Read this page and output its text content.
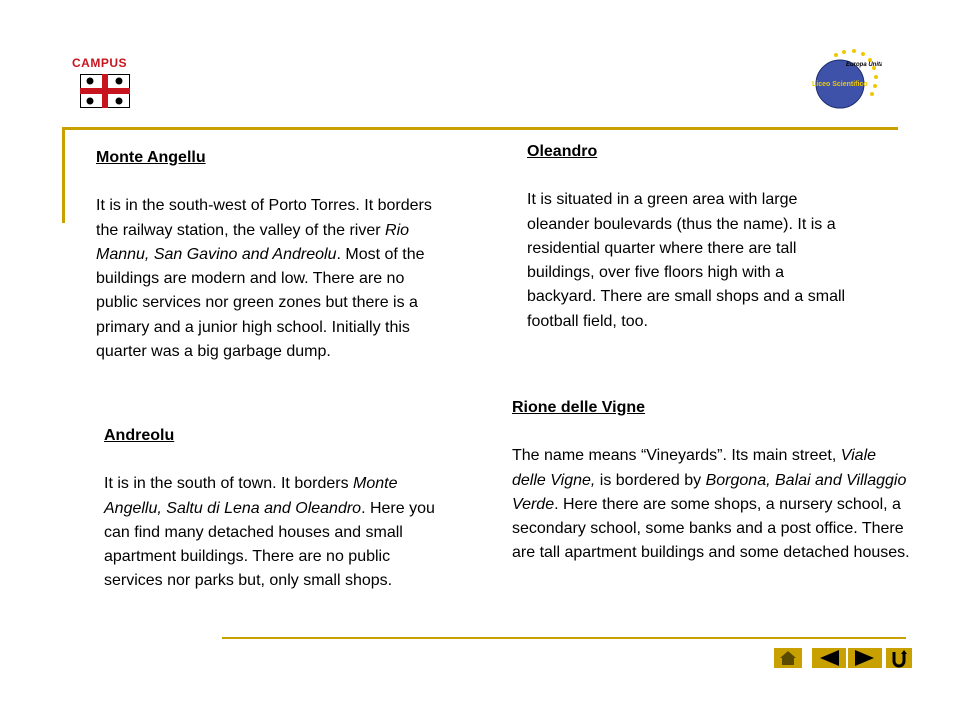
CAMPUS	Europa Unita
Liceo Scientifico
Monte Angellu
It is in the south-west of Porto Torres. It borders the railway station, the valley of the river Rio Mannu, San Gavino and Andreolu. Most of the buildings are modern and low. There are no public services nor green zones but there is a primary and a junior high school. Initially this quarter was a big garbage dump.
Oleandro
It is situated in a green area with large oleander boulevards (thus the name). It is a residential quarter where there are tall buildings, over five floors high with a backyard. There are small shops and a small football field, too.
Andreolu
It is in the south of town. It borders Monte Angellu, Saltu di Lena and Oleandro. Here you can find many detached houses and small apartment buildings. There are no public services nor parks but, only small shops.
Rione delle Vigne
The name means “Vineyards”. Its main street, Viale delle Vigne, is bordered by Borgona, Balai and Villaggio Verde. Here there are some shops, a nursery school, a secondary school, some banks and a post office. There are tall apartment buildings and some detached houses.
